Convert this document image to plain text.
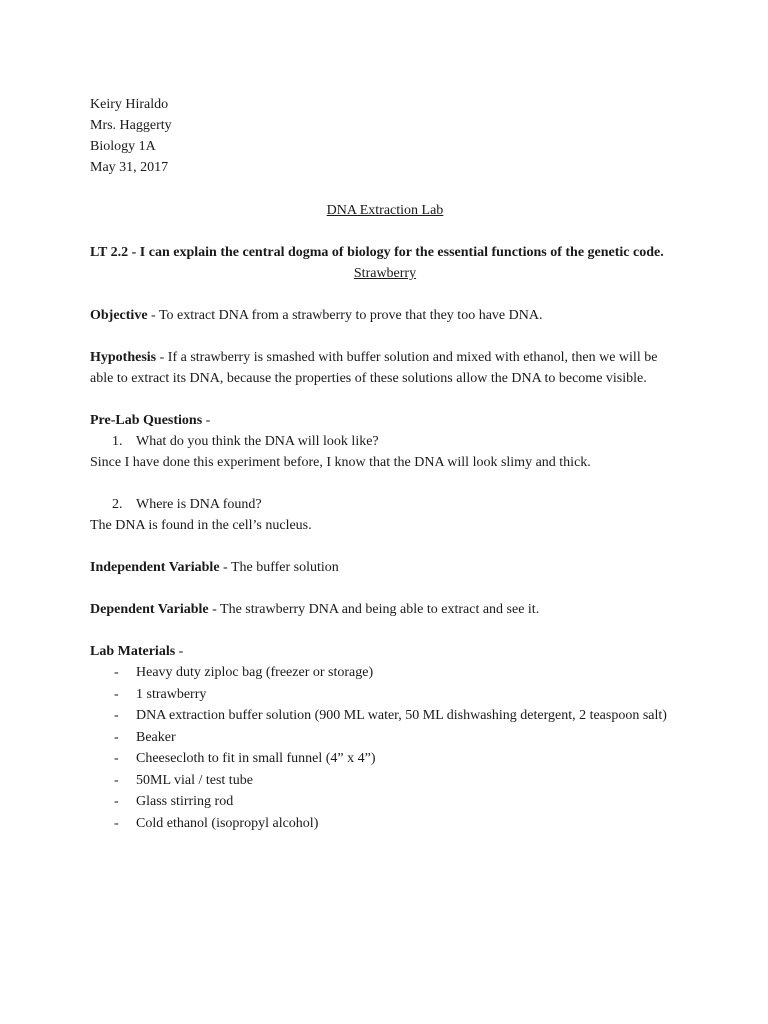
Keiry Hiraldo
Mrs. Haggerty
Biology 1A
May 31, 2017
DNA Extraction Lab
LT 2.2 - I can explain the central dogma of biology for the essential functions of the genetic code.
Strawberry
Objective - To extract DNA from a strawberry to prove that they too have DNA.
Hypothesis - If a strawberry is smashed with buffer solution and mixed with ethanol, then we will be able to extract its DNA, because the properties of these solutions allow the DNA to become visible.
Pre-Lab Questions -
1. What do you think the DNA will look like?
Since I have done this experiment before, I know that the DNA will look slimy and thick.
2. Where is DNA found?
The DNA is found in the cell’s nucleus.
Independent Variable - The buffer solution
Dependent Variable - The strawberry DNA and being able to extract and see it.
Lab Materials -
- Heavy duty ziploc bag (freezer or storage)
- 1 strawberry
- DNA extraction buffer solution (900 ML water, 50 ML dishwashing detergent, 2 teaspoon salt)
- Beaker
- Cheesecloth to fit in small funnel (4” x 4”)
- 50ML vial / test tube
- Glass stirring rod
- Cold ethanol (isopropyl alcohol)
